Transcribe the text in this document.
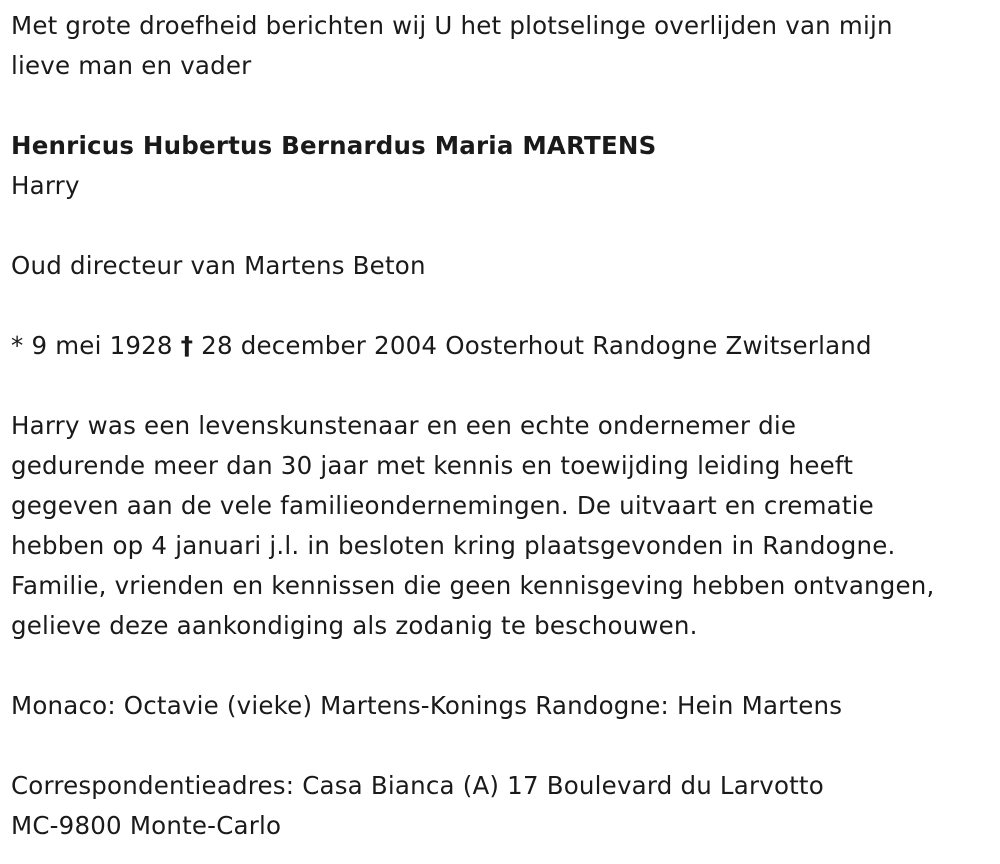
Met grote droefheid berichten wij U het plotselinge overlijden van mijn
lieve man en vader
Henricus Hubertus Bernardus Maria MARTENS
Harry
Oud directeur van Martens Beton
* 9 mei 1928 † 28 december 2004 Oosterhout Randogne Zwitserland
Harry was een levenskunstenaar en een echte ondernemer die
gedurende meer dan 30 jaar met kennis en toewijding leiding heeft
gegeven aan de vele familieondernemingen. De uitvaart en crematie
hebben op 4 januari j.l. in besloten kring plaatsgevonden in Randogne.
Familie, vrienden en kennissen die geen kennisgeving hebben ontvangen,
gelieve deze aankondiging als zodanig te beschouwen.
Monaco: Octavie (vieke) Martens-Konings Randogne: Hein Martens
Correspondentieadres: Casa Bianca (A) 17 Boulevard du Larvotto
MC-9800 Monte-Carlo
